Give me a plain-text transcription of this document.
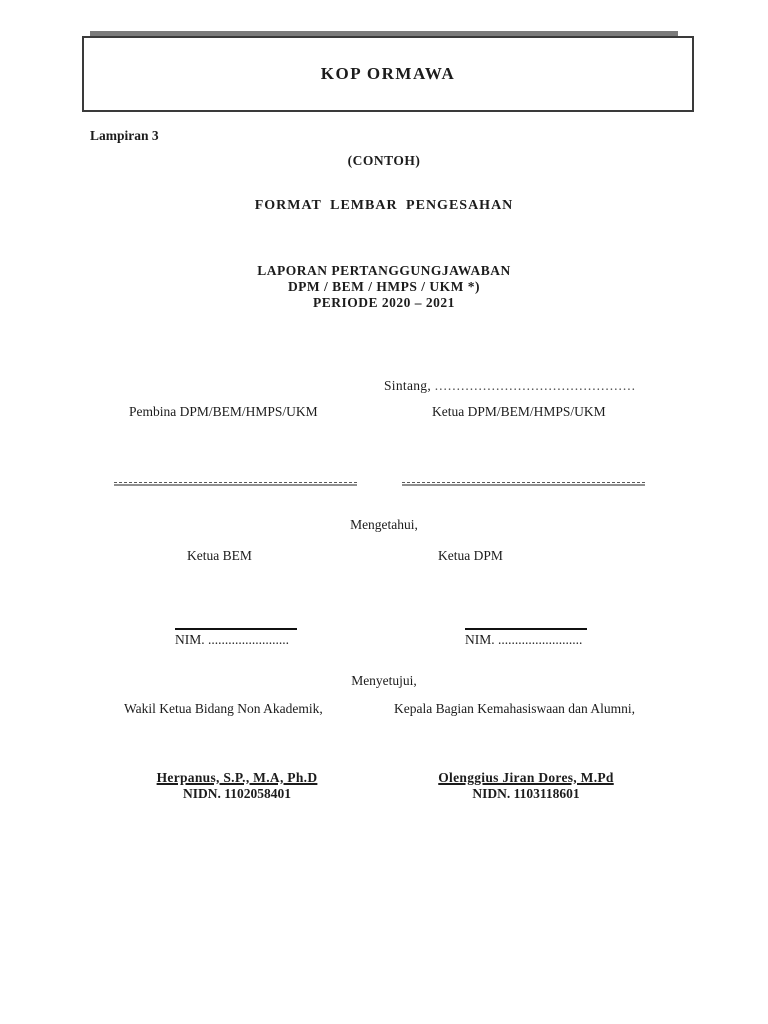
KOP ORMAWA
Lampiran 3
(CONTOH)
FORMAT LEMBAR PENGESAHAN
LAPORAN PERTANGGUNGJAWABAN
DPM / BEM / HMPS / UKM *)
PERIODE 2020 – 2021
Sintang, ..............................................
Pembina DPM/BEM/HMPS/UKM	Ketua DPM/BEM/HMPS/UKM
Mengetahui,
Ketua BEM	Ketua DPM
NIM. ........................	NIM. .........................
Menyetujui,
Wakil Ketua Bidang Non Akademik,	Kepala Bagian Kemahasiswaan dan Alumni,
Herpanus, S.P., M.A, Ph.D
NIDN. 1102058401
Olenggius Jiran Dores, M.Pd
NIDN. 1103118601
